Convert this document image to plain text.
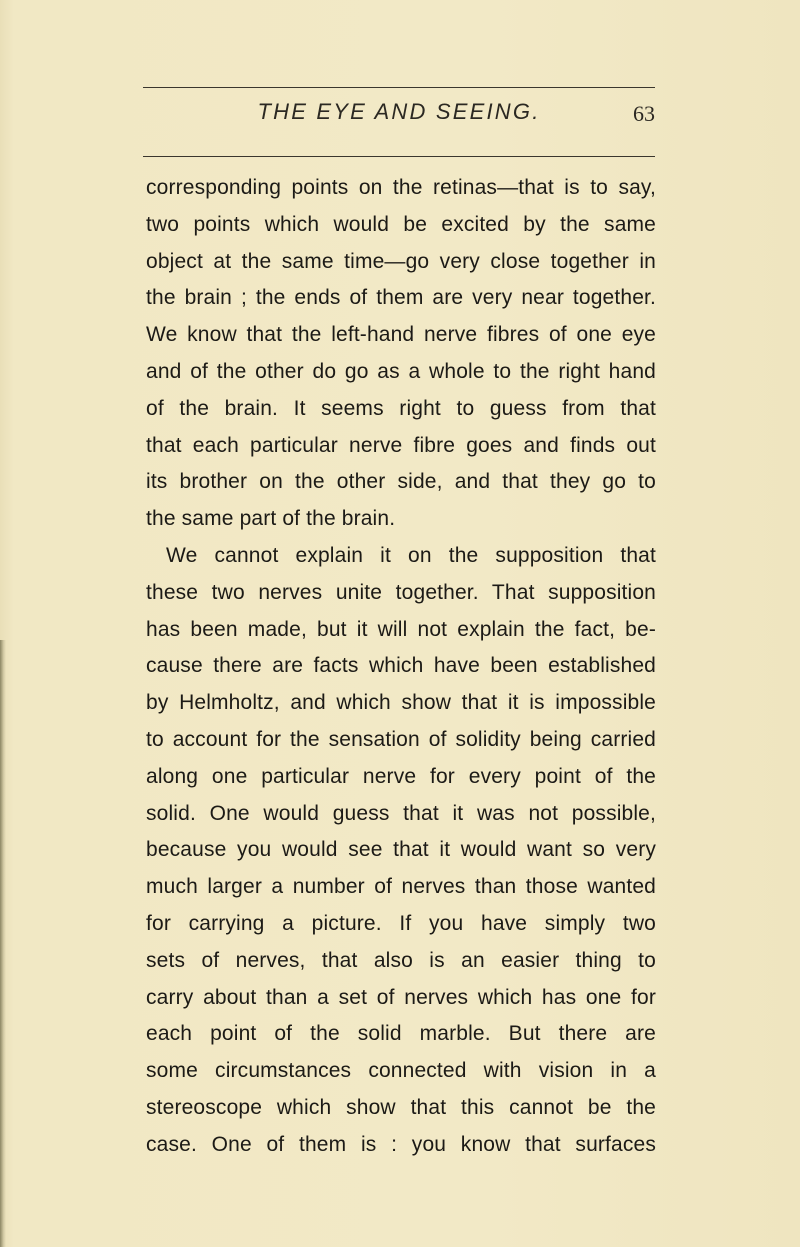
THE EYE AND SEEING.	63
corresponding points on the retinas—that is to say,
two points which would be excited by the same
object at the same time—go very close together in
the brain ; the ends of them are very near together.
We know that the left-hand nerve fibres of one eye
and of the other do go as a whole to the right hand
of the brain. It seems right to guess from that
that each particular nerve fibre goes and finds out
its brother on the other side, and that they go to
the same part of the brain.
We cannot explain it on the supposition that
these two nerves unite together. That supposition
has been made, but it will not explain the fact, be-
cause there are facts which have been established
by Helmholtz, and which show that it is impossible
to account for the sensation of solidity being carried
along one particular nerve for every point of the
solid. One would guess that it was not possible,
because you would see that it would want so very
much larger a number of nerves than those wanted
for carrying a picture. If you have simply two
sets of nerves, that also is an easier thing to
carry about than a set of nerves which has one for
each point of the solid marble. But there are
some circumstances connected with vision in a
stereoscope which show that this cannot be the
case. One of them is : you know that surfaces
